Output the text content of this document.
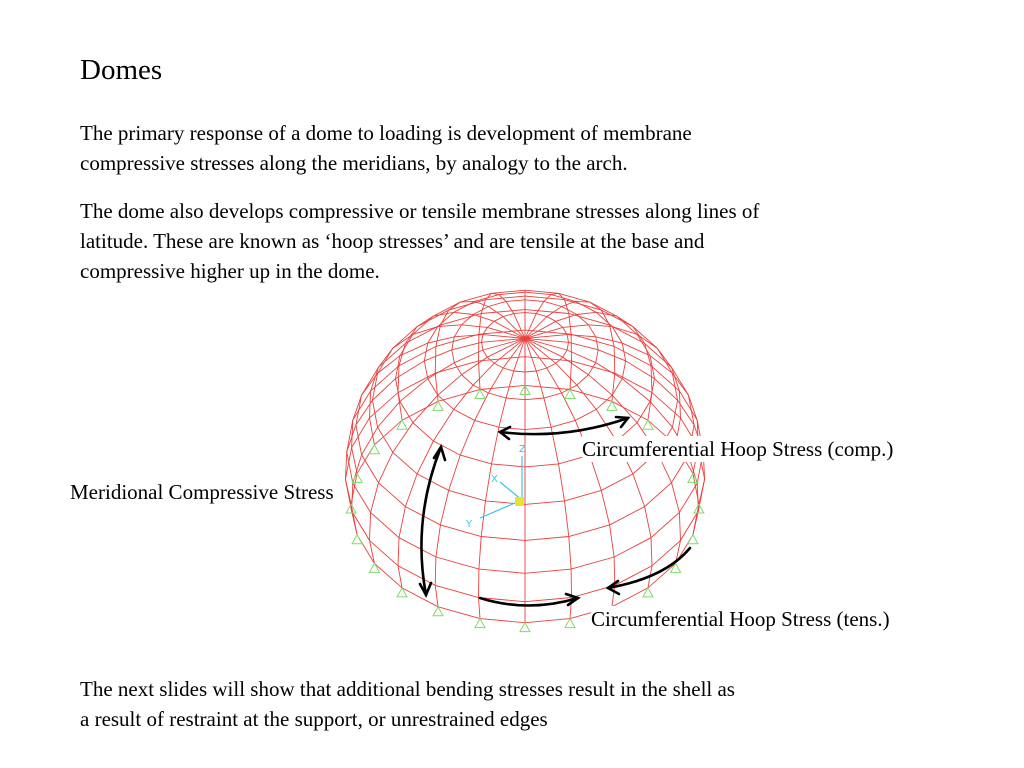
Domes
The primary response of a dome to loading is development of membrane
compressive stresses along the meridians, by analogy to the arch.
The dome also develops compressive or tensile membrane stresses along lines of
latitude. These are known as ‘hoop stresses’ and are tensile at the base and
compressive higher up in the dome.
Z
X
Y
Circumferential Hoop Stress (comp.)
Meridional Compressive Stress
Circumferential Hoop Stress (tens.)
The next slides will show that additional bending stresses result in the shell as
a result of restraint at the support, or unrestrained edges
